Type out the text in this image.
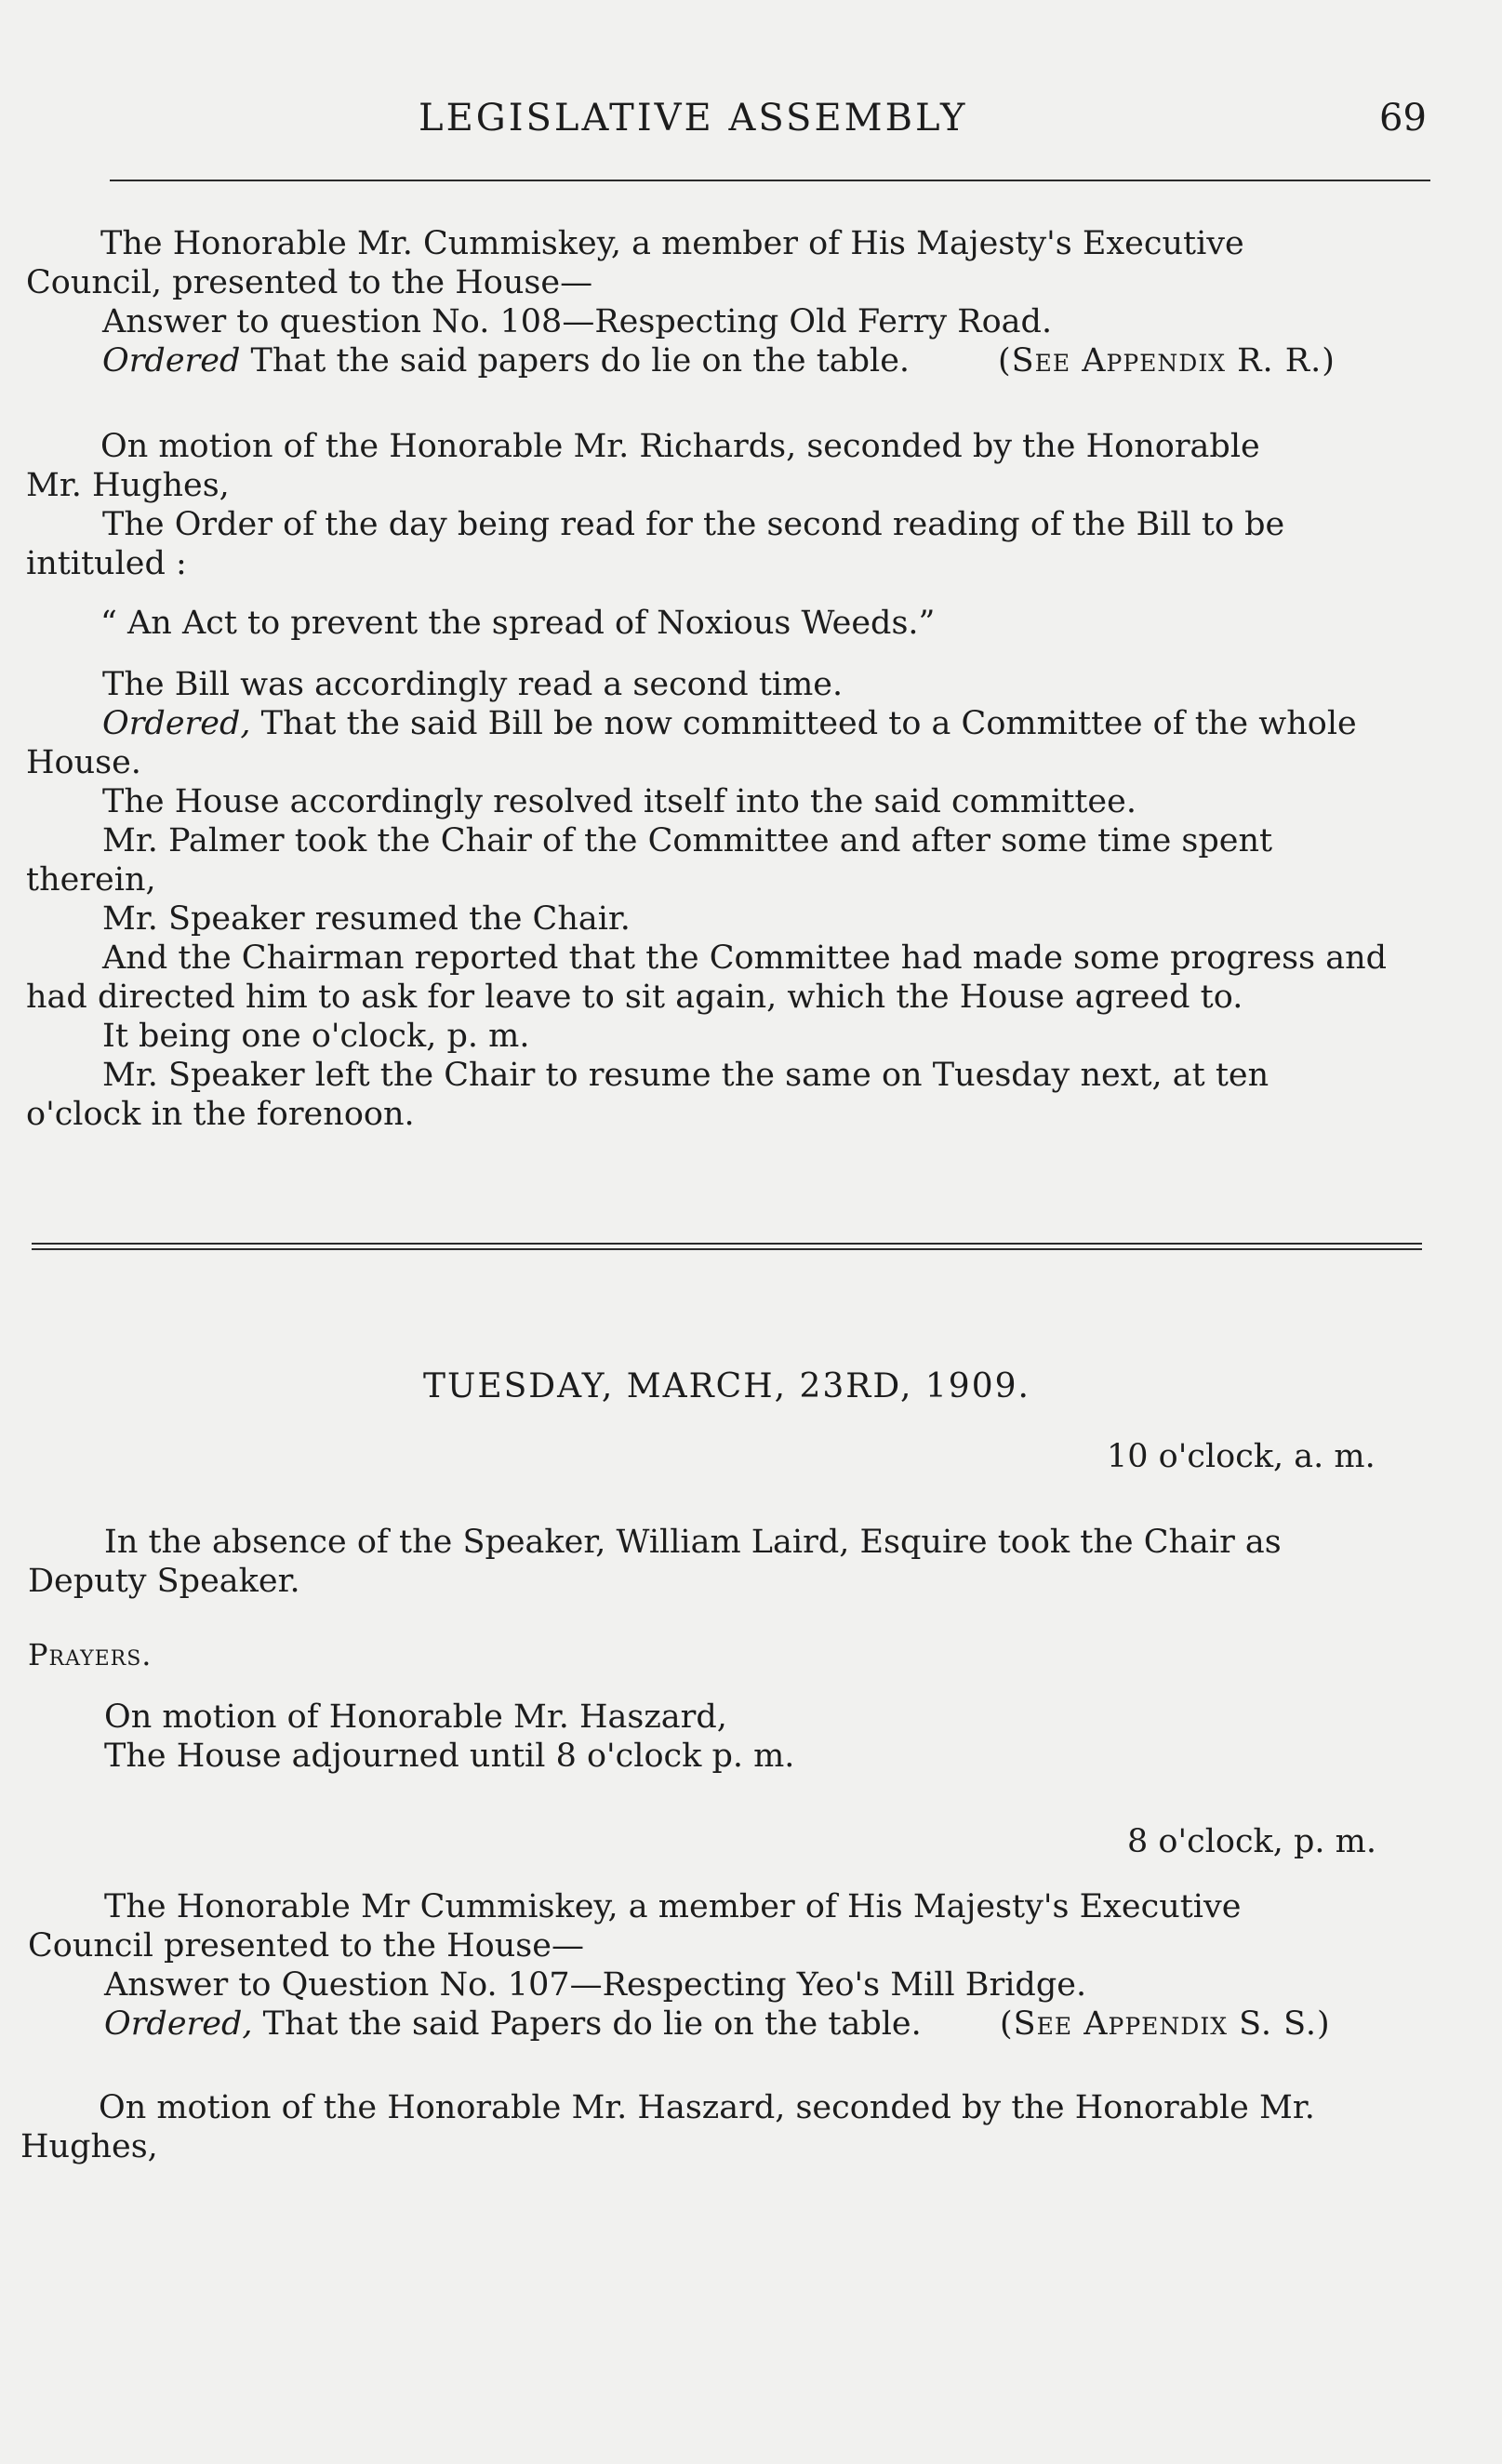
LEGISLATIVE ASSEMBLY	69
The Honorable Mr. Cummiskey, a member of His Majesty's Executive
Council, presented to the House—
Answer to question No. 108—Respecting Old Ferry Road.
Ordered That the said papers do lie on the table.	(See Appendix R. R.)
On motion of the Honorable Mr. Richards, seconded by the Honorable
Mr. Hughes,
The Order of the day being read for the second reading of the Bill to be
intituled :
“ An Act to prevent the spread of Noxious Weeds.”
The Bill was accordingly read a second time.
Ordered, That the said Bill be now committeed to a Committee of the whole
House.
The House accordingly resolved itself into the said committee.
Mr. Palmer took the Chair of the Committee and after some time spent
therein,
Mr. Speaker resumed the Chair.
And the Chairman reported that the Committee had made some progress and
had directed him to ask for leave to sit again, which the House agreed to.
It being one o'clock, p. m.
Mr. Speaker left the Chair to resume the same on Tuesday next, at ten
o'clock in the forenoon.
TUESDAY, MARCH, 23RD, 1909.
10 o'clock, a. m.
In the absence of the Speaker, William Laird, Esquire took the Chair as
Deputy Speaker.
Prayers.
On motion of Honorable Mr. Haszard,
The House adjourned until 8 o'clock p. m.
8 o'clock, p. m.
The Honorable Mr Cummiskey, a member of His Majesty's Executive
Council presented to the House—
Answer to Question No. 107—Respecting Yeo's Mill Bridge.
Ordered, That the said Papers do lie on the table. (See Appendix S. S.)
On motion of the Honorable Mr. Haszard, seconded by the Honorable Mr.
Hughes,
